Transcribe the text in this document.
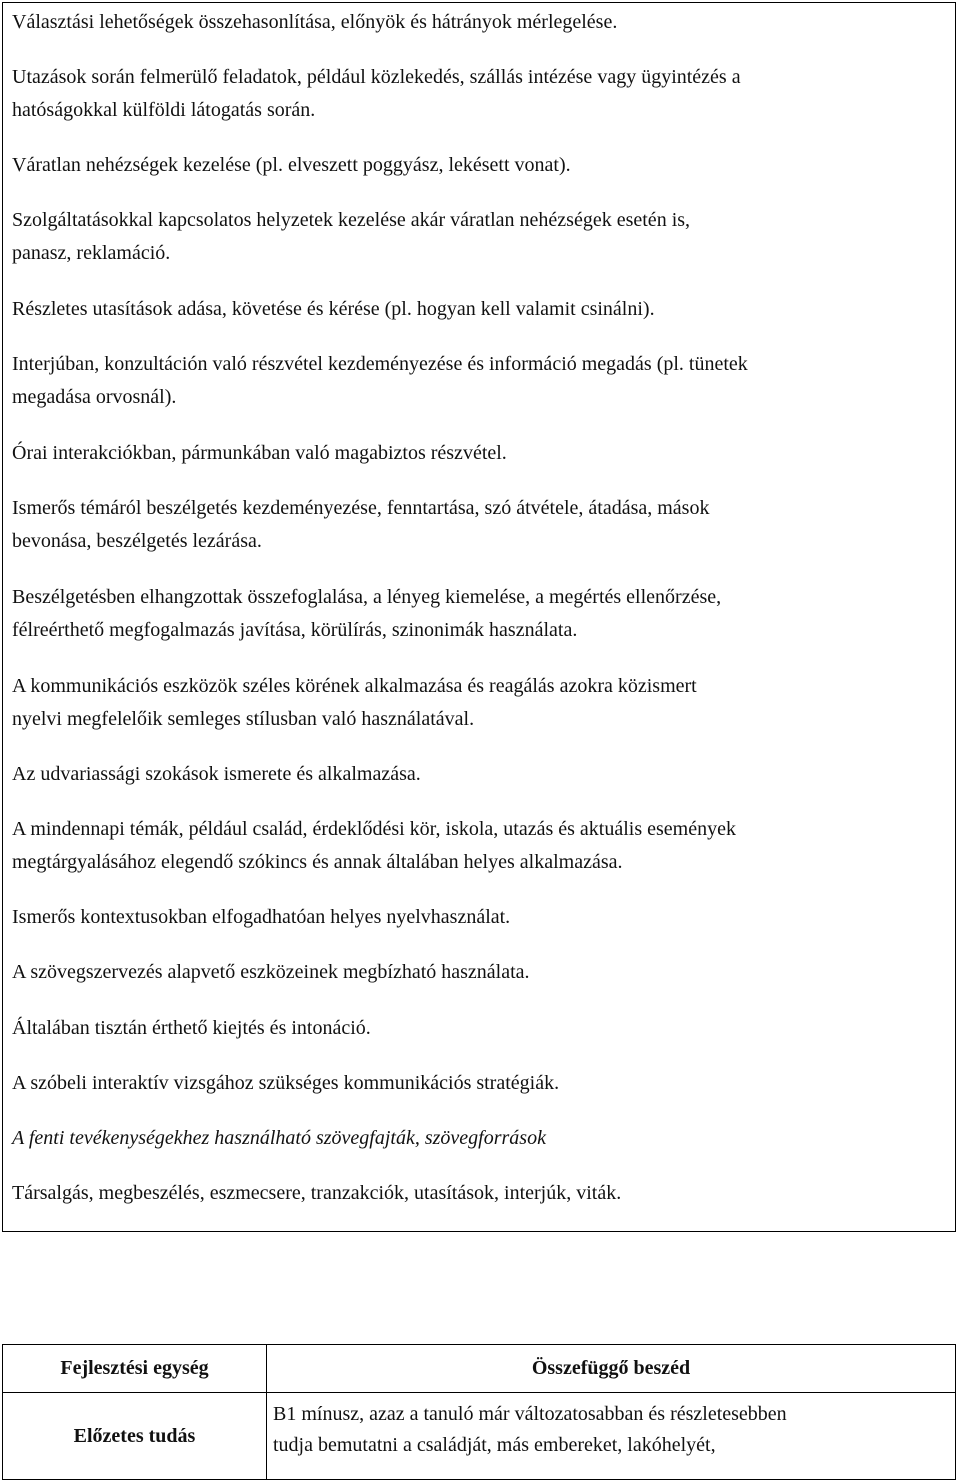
Választási lehetőségek összehasonlítása, előnyök és hátrányok mérlegelése.

Utazások során felmerülő feladatok, például közlekedés, szállás intézése vagy ügyintézés a
hatóságokkal külföldi látogatás során.

Váratlan nehézségek kezelése (pl. elveszett poggyász, lekésett vonat).

Szolgáltatásokkal kapcsolatos helyzetek kezelése akár váratlan nehézségek esetén is,
panasz, reklamáció.

Részletes utasítások adása, követése és kérése (pl. hogyan kell valamit csinálni).

Interjúban, konzultáción való részvétel kezdeményezése és információ megadás (pl. tünetek
megadása orvosnál).

Órai interakciókban, pármunkában való magabiztos részvétel.

Ismerős témáról beszélgetés kezdeményezése, fenntartása, szó átvétele, átadása, mások
bevonása, beszélgetés lezárása.

Beszélgetésben elhangzottak összefoglalása, a lényeg kiemelése, a megértés ellenőrzése,
félreérthető megfogalmazás javítása, körülírás, szinonimák használata.

A kommunikációs eszközök széles körének alkalmazása és reagálás azokra közismert
nyelvi megfelelőik semleges stílusban való használatával.

Az udvariassági szokások ismerete és alkalmazása.

A mindennapi témák, például család, érdeklődési kör, iskola, utazás és aktuális események
megtárgyalásához elegendő szókincs és annak általában helyes alkalmazása.

Ismerős kontextusokban elfogadhatóan helyes nyelvhasználat.

A szövegszervezés alapvető eszközeinek megbízható használata.

Általában tisztán érthető kiejtés és intonáció.

A szóbeli interaktív vizsgához szükséges kommunikációs stratégiák.

A fenti tevékenységekhez használható szövegfajták, szövegforrások

Társalgás, megbeszélés, eszmecsere, tranzakciók, utasítások, interjúk, viták.

Fejlesztési egység	Összefüggő beszéd
Előzetes tudás	B1 mínusz, azaz a tanuló már változatosabban és részletesebben
tudja bemutatni a családját, más embereket, lakóhelyét,
